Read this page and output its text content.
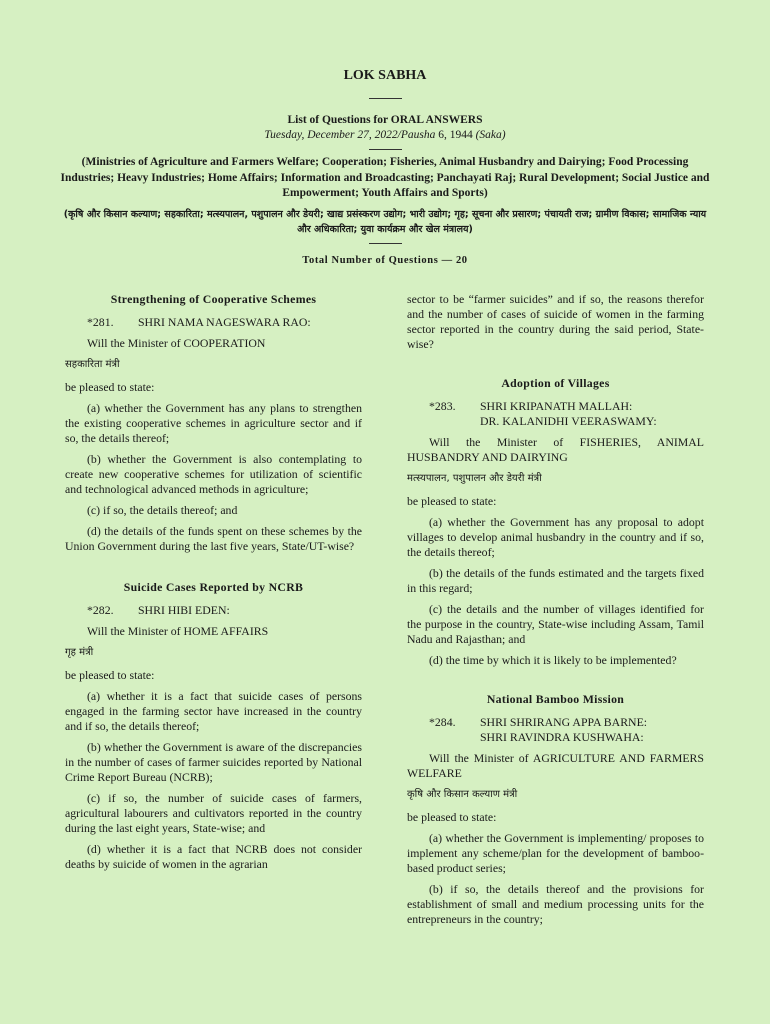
LOK SABHA
List of Questions for ORAL ANSWERS
Tuesday, December 27, 2022/Pausha 6, 1944 (Saka)
(Ministries of Agriculture and Farmers Welfare; Cooperation; Fisheries, Animal Husbandry and Dairying; Food Processing Industries; Heavy Industries; Home Affairs; Information and Broadcasting; Panchayati Raj; Rural Development; Social Justice and Empowerment; Youth Affairs and Sports)
(कृषि और किसान कल्याण; सहकारिता; मत्स्यपालन, पशुपालन और डेयरी; खाद्य प्रसंस्करण उद्योग; भारी उद्योग; गृह; सूचना और प्रसारण; पंचायती राज; ग्रामीण विकास; सामाजिक न्याय और अधिकारिता; युवा कार्यक्रम और खेल मंत्रालय)
Total Number of Questions — 20
Strengthening of Cooperative Schemes
*281.	SHRI NAMA NAGESWARA RAO:

Will the Minister of COOPERATION

सहकारिता मंत्री

be pleased to state:

(a) whether the Government has any plans to strengthen the existing cooperative schemes in agriculture sector and if so, the details thereof;

(b) whether the Government is also contemplating to create new cooperative schemes for utilization of scientific and technological advanced methods in agriculture;

(c) if so, the details thereof; and

(d) the details of the funds spent on these schemes by the Union Government during the last five years, State/UT-wise?

Suicide Cases Reported by NCRB
*282.	SHRI HIBI EDEN:

Will the Minister of HOME AFFAIRS

गृह मंत्री

be pleased to state:

(a) whether it is a fact that suicide cases of persons engaged in the farming sector have increased in the country and if so, the details thereof;

(b) whether the Government is aware of the discrepancies in the number of cases of farmer suicides reported by National Crime Report Bureau (NCRB);

(c) if so, the number of suicide cases of farmers, agricultural labourers and cultivators reported in the country during the last eight years, State-wise; and

(d) whether it is a fact that NCRB does not consider deaths by suicide of women in the agrarian

sector to be “farmer suicides” and if so, the reasons therefor and the number of cases of suicide of women in the farming sector reported in the country during the said period, State-wise?

Adoption of Villages
*283.	SHRI KRIPANATH MALLAH:
DR. KALANIDHI VEERASWAMY:

Will the Minister of FISHERIES, ANIMAL HUSBANDRY AND DAIRYING

मत्स्यपालन, पशुपालन और डेयरी मंत्री

be pleased to state:

(a) whether the Government has any proposal to adopt villages to develop animal husbandry in the country and if so, the details thereof;

(b) the details of the funds estimated and the targets fixed in this regard;

(c) the details and the number of villages identified for the purpose in the country, State-wise including Assam, Tamil Nadu and Rajasthan; and

(d) the time by which it is likely to be implemented?

National Bamboo Mission
*284.	SHRI SHRIRANG APPA BARNE:
SHRI RAVINDRA KUSHWAHA:

Will the Minister of AGRICULTURE AND FARMERS WELFARE

कृषि और किसान कल्याण मंत्री

be pleased to state:

(a) whether the Government is implementing/ proposes to implement any scheme/plan for the development of bamboo-based product series;

(b) if so, the details thereof and the provisions for establishment of small and medium processing units for the entrepreneurs in the country;
